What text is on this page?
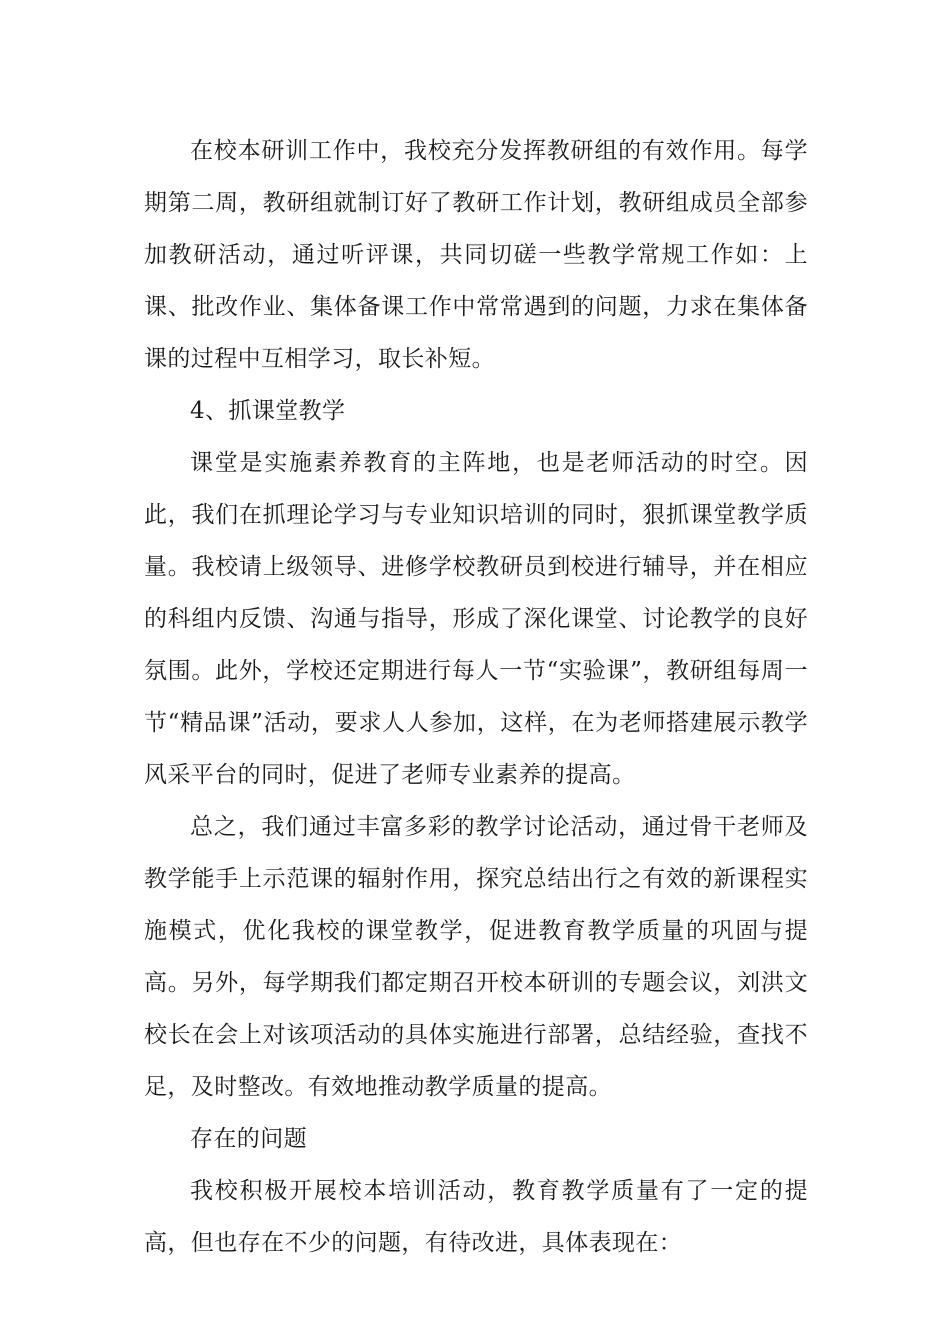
在校本研训工作中，我校充分发挥教研组的有效作用。每学期第二周，教研组就制订好了教研工作计划，教研组成员全部参加教研活动，通过听评课，共同切磋一些教学常规工作如：上课、批改作业、集体备课工作中常常遇到的问题，力求在集体备课的过程中互相学习，取长补短。

4、抓课堂教学

课堂是实施素养教育的主阵地，也是老师活动的时空。因此，我们在抓理论学习与专业知识培训的同时，狠抓课堂教学质量。我校请上级领导、进修学校教研员到校进行辅导，并在相应的科组内反馈、沟通与指导，形成了深化课堂、讨论教学的良好氛围。此外，学校还定期进行每人一节“实验课”，教研组每周一节“精品课”活动，要求人人参加，这样，在为老师搭建展示教学风采平台的同时，促进了老师专业素养的提高。

总之，我们通过丰富多彩的教学讨论活动，通过骨干老师及教学能手上示范课的辐射作用，探究总结出行之有效的新课程实施模式，优化我校的课堂教学，促进教育教学质量的巩固与提高。另外，每学期我们都定期召开校本研训的专题会议，刘洪文校长在会上对该项活动的具体实施进行部署，总结经验，查找不足，及时整改。有效地推动教学质量的提高。

存在的问题

我校积极开展校本培训活动，教育教学质量有了一定的提高，但也存在不少的问题，有待改进，具体表现在：
